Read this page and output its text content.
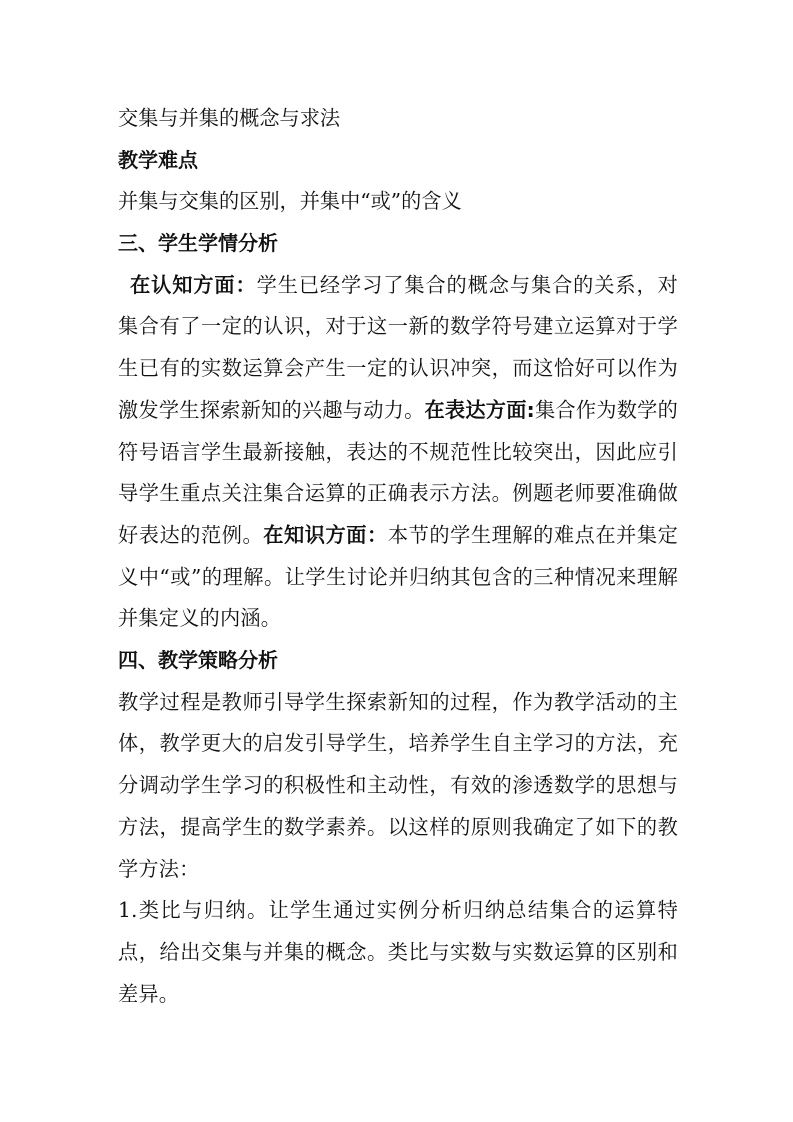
交集与并集的概念与求法
教学难点
并集与交集的区别，并集中“或”的含义
三、学生学情分析
在认知方面：学生已经学习了集合的概念与集合的关系，对集合有了一定的认识，对于这一新的数学符号建立运算对于学生已有的实数运算会产生一定的认识冲突，而这恰好可以作为激发学生探索新知的兴趣与动力。在表达方面:集合作为数学的符号语言学生最新接触，表达的不规范性比较突出，因此应引导学生重点关注集合运算的正确表示方法。例题老师要准确做好表达的范例。在知识方面：本节的学生理解的难点在并集定义中“或”的理解。让学生讨论并归纳其包含的三种情况来理解并集定义的内涵。
四、教学策略分析
教学过程是教师引导学生探索新知的过程，作为教学活动的主体，教学更大的启发引导学生，培养学生自主学习的方法，充分调动学生学习的积极性和主动性，有效的渗透数学的思想与方法，提高学生的数学素养。以这样的原则我确定了如下的教学方法：
1.类比与归纳。让学生通过实例分析归纳总结集合的运算特点，给出交集与并集的概念。类比与实数与实数运算的区别和差异。
